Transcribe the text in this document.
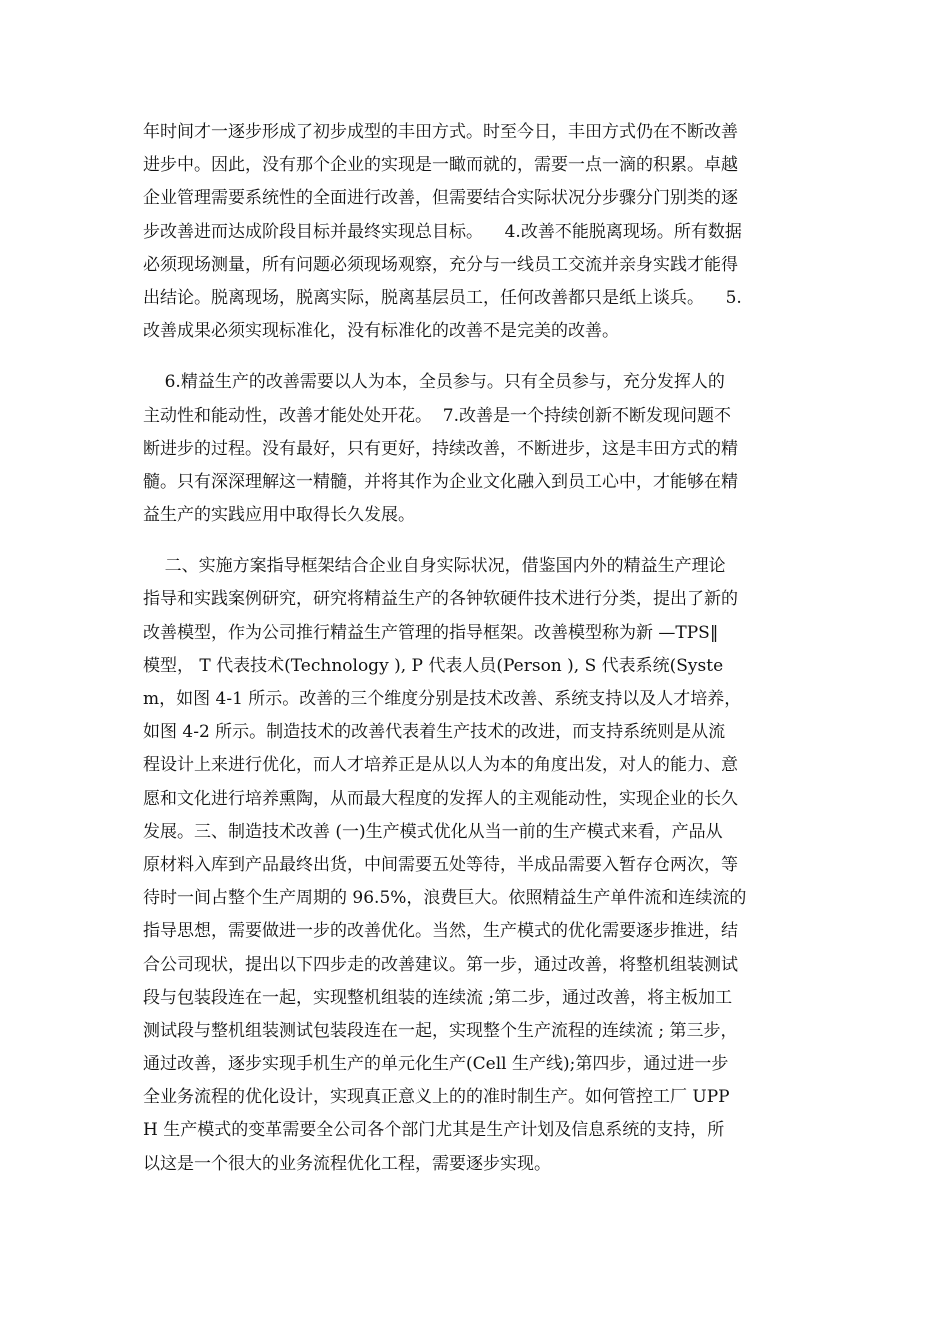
年时间才一逐步形成了初步成型的丰田方式。时至今日，丰田方式仍在不断改善
进步中。因此，没有那个企业的实现是一瞰而就的，需要一点一滴的积累。卓越
企业管理需要系统性的全面进行改善，但需要结合实际状况分步骤分门别类的逐
步改善进而达成阶段目标并最终实现总目标。    4.改善不能脱离现场。所有数据
必须现场测量，所有问题必须现场观察，充分与一线员工交流并亲身实践才能得
出结论。脱离现场，脱离实际，脱离基层员工，任何改善都只是纸上谈兵。    5.
改善成果必须实现标准化，没有标准化的改善不是完美的改善。
6.精益生产的改善需要以人为本，全员参与。只有全员参与，充分发挥人的
主动性和能动性，改善才能处处开花。  7.改善是一个持续创新不断发现问题不
断进步的过程。没有最好，只有更好，持续改善，不断进步，这是丰田方式的精
髓。只有深深理解这一精髓，并将其作为企业文化融入到员工心中，才能够在精
益生产的实践应用中取得长久发展。
二、实施方案指导框架结合企业自身实际状况，借鉴国内外的精益生产理论
指导和实践案例研究，研究将精益生产的各钟软硬件技术进行分类，提出了新的
改善模型，作为公司推行精益生产管理的指导框架。改善模型称为新 —TPS‖
模型， T 代表技术(Technology ), P 代表人员(Person ), S 代表系统(Syste
m，如图 4-1 所示。改善的三个维度分别是技术改善、系统支持以及人才培养，
如图 4-2 所示。制造技术的改善代表着生产技术的改进，而支持系统则是从流
程设计上来进行优化，而人才培养正是从以人为本的角度出发，对人的能力、意
愿和文化进行培养熏陶，从而最大程度的发挥人的主观能动性，实现企业的长久
发展。三、制造技术改善 (一)生产模式优化从当一前的生产模式来看，产品从
原材料入库到产品最终出货，中间需要五处等待，半成品需要入暂存仓两次，等
待时一间占整个生产周期的 96.5%，浪费巨大。依照精益生产单件流和连续流的
指导思想，需要做进一步的改善优化。当然，生产模式的优化需要逐步推进，结
合公司现状，提出以下四步走的改善建议。第一步，通过改善，将整机组装测试
段与包装段连在一起，实现整机组装的连续流 ;第二步，通过改善，将主板加工
测试段与整机组装测试包装段连在一起，实现整个生产流程的连续流 ; 第三步，
通过改善，逐步实现手机生产的单元化生产(Cell 生产线);第四步，通过进一步
全业务流程的优化设计，实现真正意义上的的准时制生产。如何管控工厂 UPP
H 生产模式的变革需要全公司各个部门尤其是生产计划及信息系统的支持，所
以这是一个很大的业务流程优化工程，需要逐步实现。
